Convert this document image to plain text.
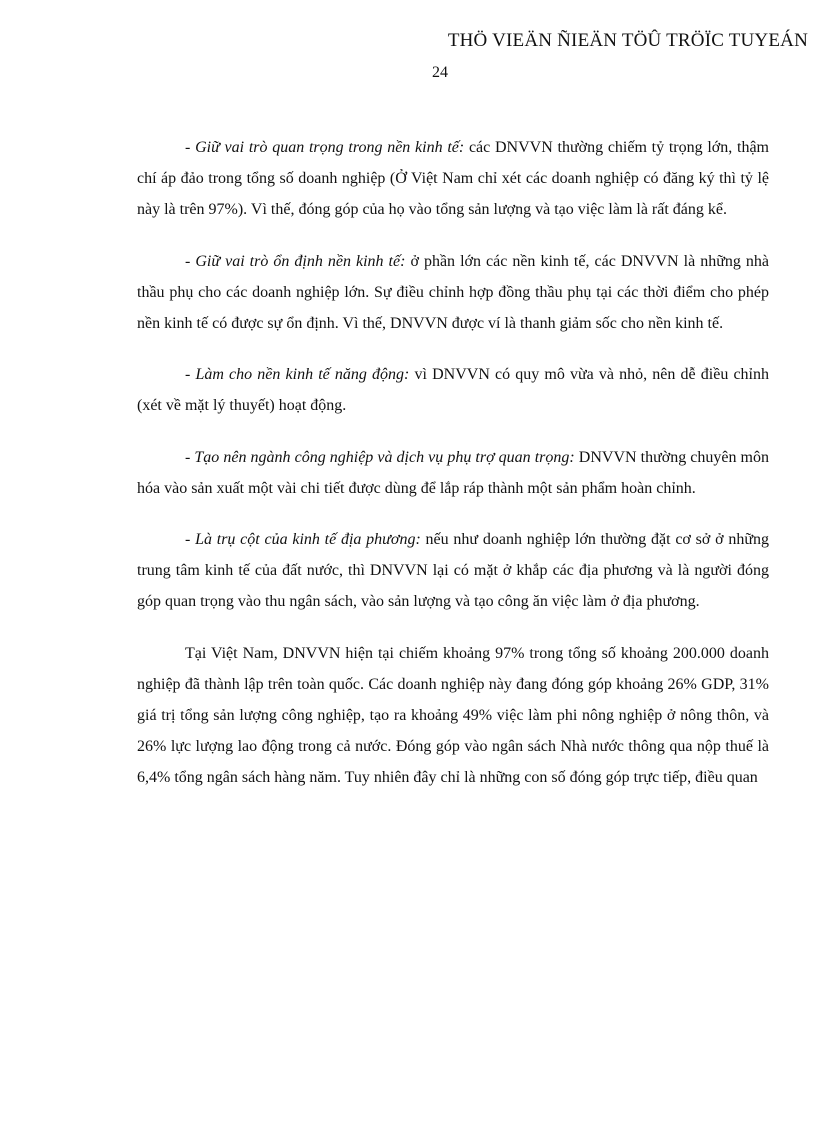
THÖ VIEÄN ÑIEÄN TÖÛ TRÖÏC TUYEÁN
24

- Giữ vai trò quan trọng trong nền kinh tế: các DNVVN thường chiếm tỷ trọng lớn, thậm chí áp đảo trong tổng số doanh nghiệp (Ở Việt Nam chỉ xét các doanh nghiệp có đăng ký thì tỷ lệ này là trên 97%). Vì thế, đóng góp của họ vào tổng sản lượng và tạo việc làm là rất đáng kể.

- Giữ vai trò ổn định nền kinh tế: ở phần lớn các nền kinh tế, các DNVVN là những nhà thầu phụ cho các doanh nghiệp lớn. Sự điều chỉnh hợp đồng thầu phụ tại các thời điểm cho phép nền kinh tế có được sự ổn định. Vì thế, DNVVN được ví là thanh giảm sốc cho nền kinh tế.

- Làm cho nền kinh tế năng động: vì DNVVN có quy mô vừa và nhỏ, nên dễ điều chỉnh (xét về mặt lý thuyết) hoạt động.

- Tạo nên ngành công nghiệp và dịch vụ phụ trợ quan trọng: DNVVN thường chuyên môn hóa vào sản xuất một vài chi tiết được dùng để lắp ráp thành một sản phẩm hoàn chỉnh.

- Là trụ cột của kinh tế địa phương: nếu như doanh nghiệp lớn thường đặt cơ sở ở những trung tâm kinh tế của đất nước, thì DNVVN lại có mặt ở khắp các địa phương và là người đóng góp quan trọng vào thu ngân sách, vào sản lượng và tạo công ăn việc làm ở địa phương.

Tại Việt Nam, DNVVN hiện tại chiếm khoảng 97% trong tổng số khoảng 200.000 doanh nghiệp đã thành lập trên toàn quốc. Các doanh nghiệp này đang đóng góp khoảng 26% GDP, 31% giá trị tổng sản lượng công nghiệp, tạo ra khoảng 49% việc làm phi nông nghiệp ở nông thôn, và 26% lực lượng lao động trong cả nước. Đóng góp vào ngân sách Nhà nước thông qua nộp thuế là 6,4% tổng ngân sách hàng năm. Tuy nhiên đây chỉ là những con số đóng góp trực tiếp, điều quan
